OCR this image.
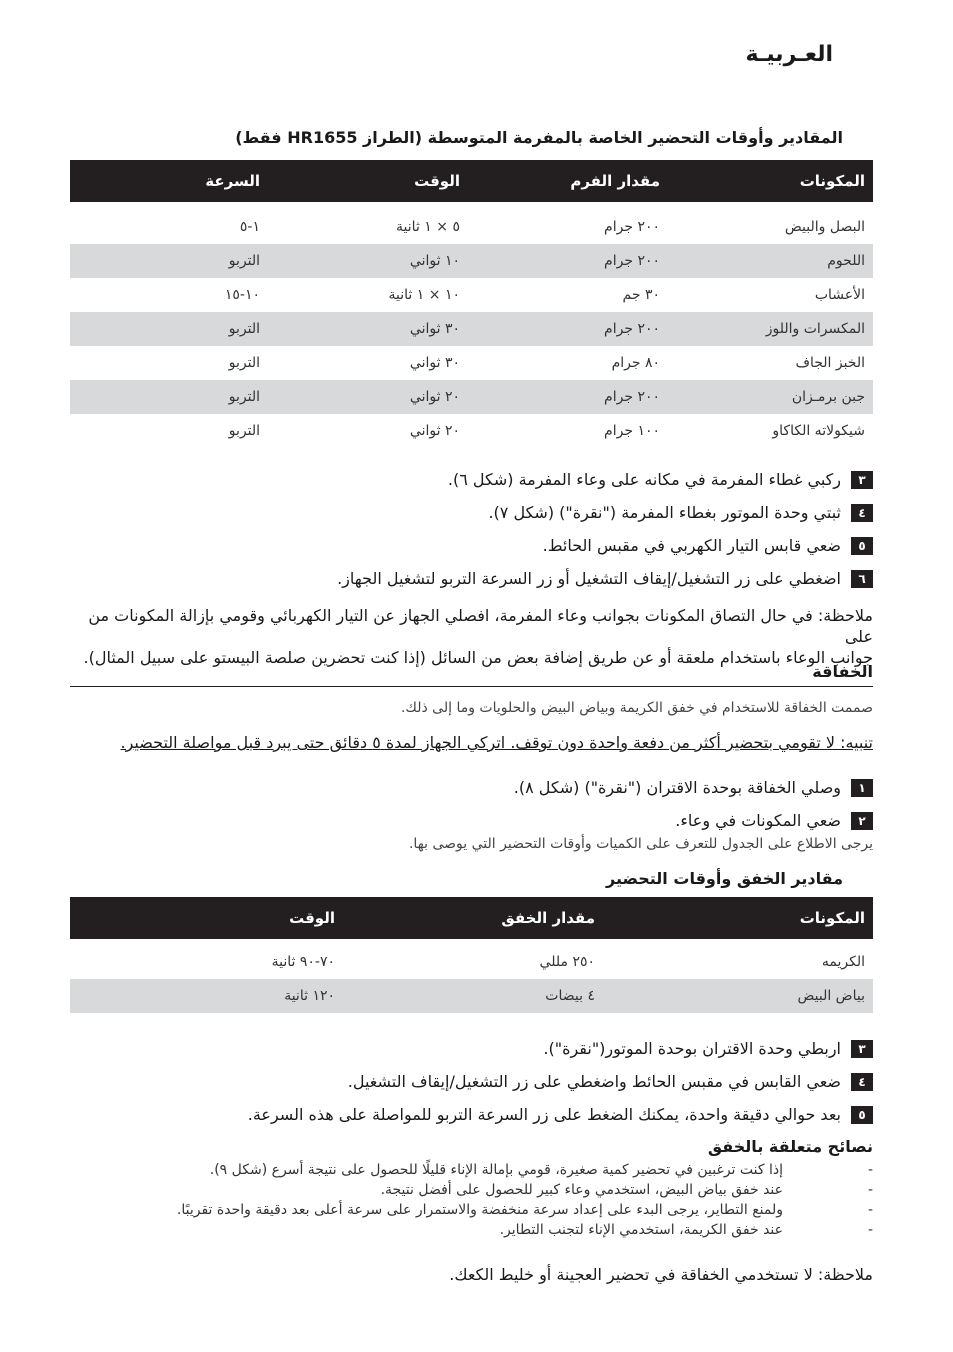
العـربيـة
المقادير وأوقات التحضير الخاصة بالمفرمة المتوسطة (الطراز HR1655 فقط)
المكونات	مقدار الفرم	الوقت	السرعة

البصل والبيض	٢٠٠ جرام	٥ × ١ ثانية	١-٥
اللحوم	٢٠٠ جرام	١٠ ثواني	التربو
الأعشاب	٣٠ جم	١٠ × ١ ثانية	١٠-١٥
المكسرات واللوز	٢٠٠ جرام	٣٠ ثواني	التربو
الخبز الجاف	٨٠ جرام	٣٠ ثواني	التربو
جبن برمـزان	٢٠٠ جرام	٢٠ ثواني	التربو
شيكولاته الكاكاو	١٠٠ جرام	٢٠ ثواني	التربو
٣
ركبي غطاء المفرمة في مكانه على وعاء المفرمة (شكل ٦).
٤
ثبتي وحدة الموتور بغطاء المفرمة ("نقرة") (شكل ٧).
٥
ضعي قابس التيار الكهربي في مقبس الحائط.
٦
اضغطي على زر التشغيل/إيقاف التشغيل أو زر السرعة التربو لتشغيل الجهاز.
ملاحظة: في حال التصاق المكونات بجوانب وعاء المفرمة، افصلي الجهاز عن التيار الكهربائي وقومي بإزالة المكونات من على
جوانب الوعاء باستخدام ملعقة أو عن طريق إضافة بعض من السائل (إذا كنت تحضرين صلصة البيستو على سبيل المثال).
الخفاقة
صممت الخفاقة للاستخدام في خفق الكريمة وبياض البيض والحلويات وما إلى ذلك.
تنبيه: لا تقومي بتحضير أكثر من دفعة واحدة دون توقف. اتركي الجهاز لمدة ٥ دقائق حتى يبرد قبل مواصلة التحضير.
١
وصلي الخفاقة بوحدة الاقتران ("نقرة") (شكل ٨).
٢
ضعي المكونات في وعاء.
يرجى الاطلاع على الجدول للتعرف على الكميات وأوقات التحضير التي يوصى بها.
مقادير الخفق وأوقات التحضير
المكونات	مقدار الخفق	الوقت

الكريمه	٢٥٠ مللي	٧٠-٩٠ ثانية
بياض البيض	٤ بيضات	١٢٠ ثانية
٣
اربطي وحدة الاقتران بوحدة الموتور("نقرة").
٤
ضعي القابس في مقبس الحائط واضغطي على زر التشغيل/إيقاف التشغيل.
٥
بعد حوالي دقيقة واحدة، يمكنك الضغط على زر السرعة التربو للمواصلة على هذه السرعة.
نصائح متعلقة بالخفق
- إذا كنت ترغبين في تحضير كمية صغيرة، قومي بإمالة الإناء قليلًا للحصول على نتيجة أسرع (شكل ٩).
- عند خفق بياض البيض، استخدمي وعاء كبير للحصول على أفضل نتيجة.
- ولمنع التطاير، يرجى البدء على إعداد سرعة منخفضة والاستمرار على سرعة أعلى بعد دقيقة واحدة تقريبًا.
- عند خفق الكريمة، استخدمي الإناء لتجنب التطاير.
ملاحظة: لا تستخدمي الخفاقة في تحضير العجينة أو خليط الكعك.
